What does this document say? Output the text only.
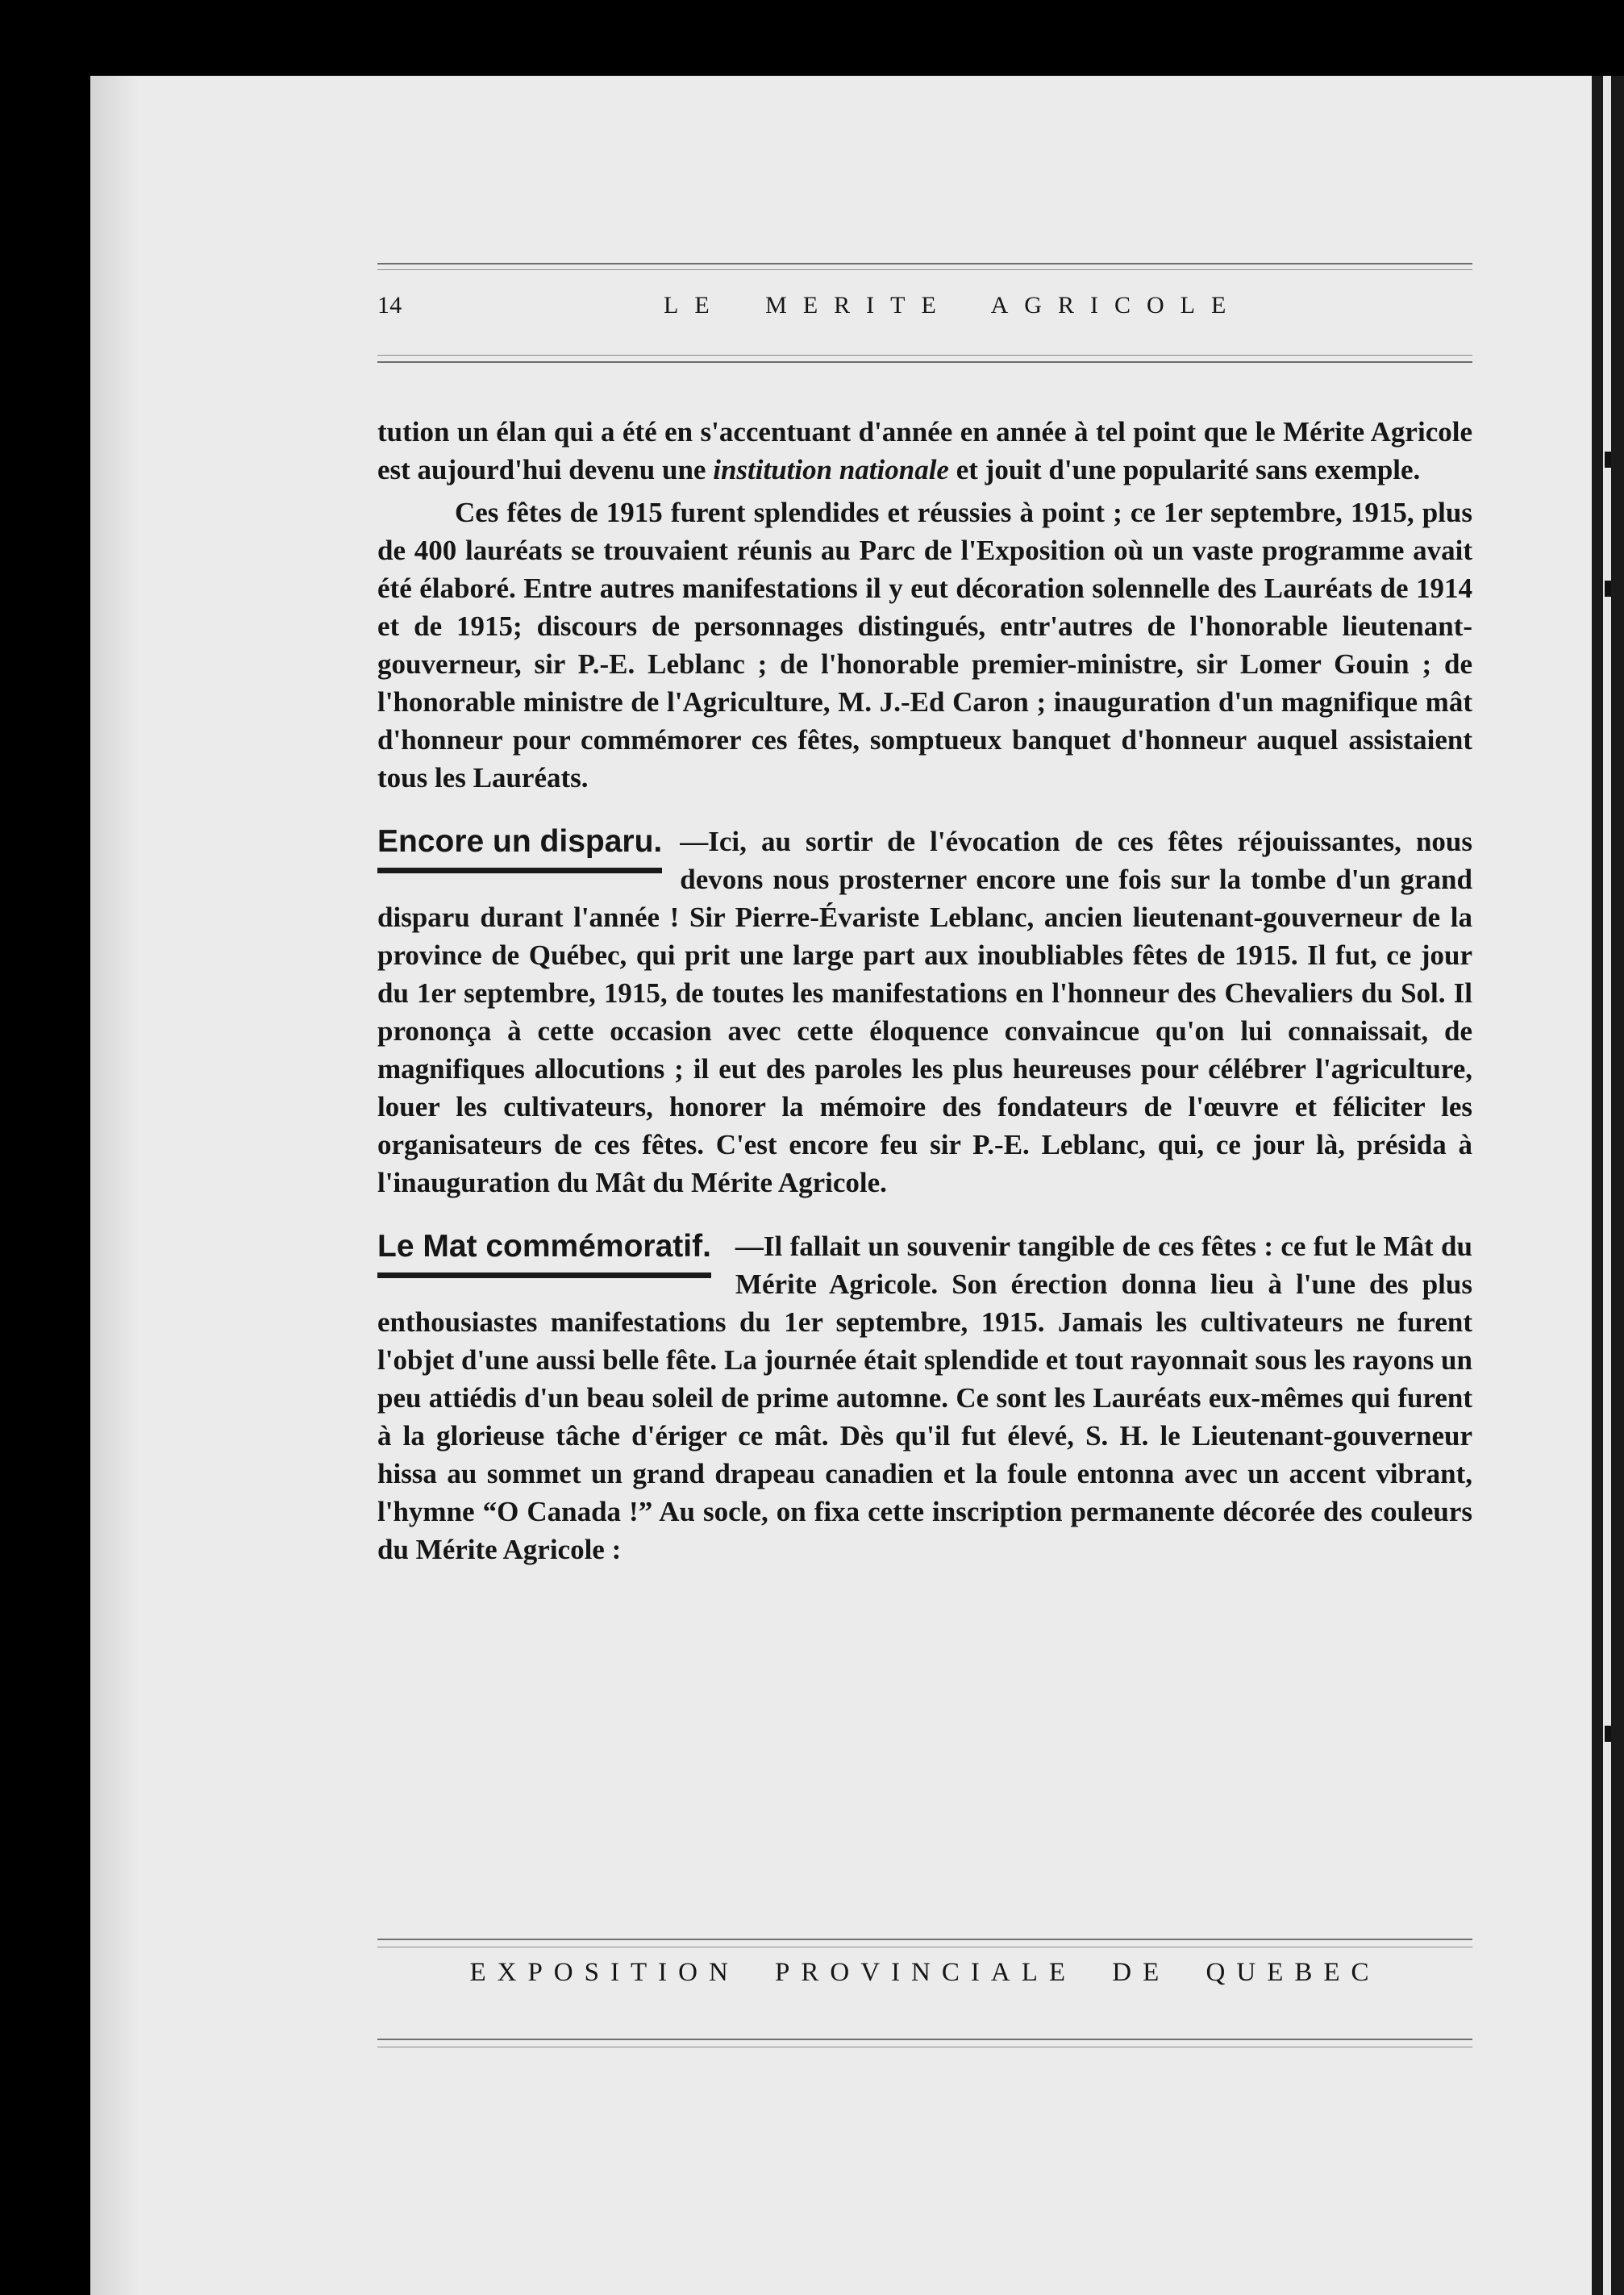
14	LE MERITE AGRICOLE

tution un élan qui a été en s'accentuant d'année en année à tel point que le Mérite Agricole est aujourd'hui devenu une institution nationale et jouit d'une popularité sans exemple.

Ces fêtes de 1915 furent splendides et réussies à point ; ce 1er septembre, 1915, plus de 400 lauréats se trouvaient réunis au Parc de l'Exposition où un vaste programme avait été élaboré. Entre autres manifestations il y eut décoration solennelle des Lauréats de 1914 et de 1915; discours de personnages distingués, entr'autres de l'honorable lieutenant-gouverneur, sir P.-E. Leblanc ; de l'honorable premier-ministre, sir Lomer Gouin ; de l'honorable ministre de l'Agriculture, M. J.-Ed Caron ; inauguration d'un magnifique mât d'honneur pour commémorer ces fêtes, somptueux banquet d'honneur auquel assistaient tous les Lauréats.

Encore un disparu. —Ici, au sortir de l'évocation de ces fêtes réjouissantes, nous devons nous prosterner encore une fois sur la tombe d'un grand disparu durant l'année ! Sir Pierre-Évariste Leblanc, ancien lieutenant-gouverneur de la province de Québec, qui prit une large part aux inoubliables fêtes de 1915. Il fut, ce jour du 1er septembre, 1915, de toutes les manifestations en l'honneur des Chevaliers du Sol. Il prononça à cette occasion avec cette éloquence convaincue qu'on lui connaissait, de magnifiques allocutions ; il eut des paroles les plus heureuses pour célébrer l'agriculture, louer les cultivateurs, honorer la mémoire des fondateurs de l'œuvre et féliciter les organisateurs de ces fêtes. C'est encore feu sir P.-E. Leblanc, qui, ce jour là, présida à l'inauguration du Mât du Mérite Agricole.

Le Mat commémoratif. —Il fallait un souvenir tangible de ces fêtes : ce fut le Mât du Mérite Agricole. Son érection donna lieu à l'une des plus enthousiastes manifestations du 1er septembre, 1915. Jamais les cultivateurs ne furent l'objet d'une aussi belle fête. La journée était splendide et tout rayonnait sous les rayons un peu attiédis d'un beau soleil de prime automne. Ce sont les Lauréats eux-mêmes qui furent à la glorieuse tâche d'ériger ce mât. Dès qu'il fut élevé, S. H. le Lieutenant-gouverneur hissa au sommet un grand drapeau canadien et la foule entonna avec un accent vibrant, l'hymne “O Canada !” Au socle, on fixa cette inscription permanente décorée des couleurs du Mérite Agricole :

EXPOSITION PROVINCIALE DE QUEBEC
